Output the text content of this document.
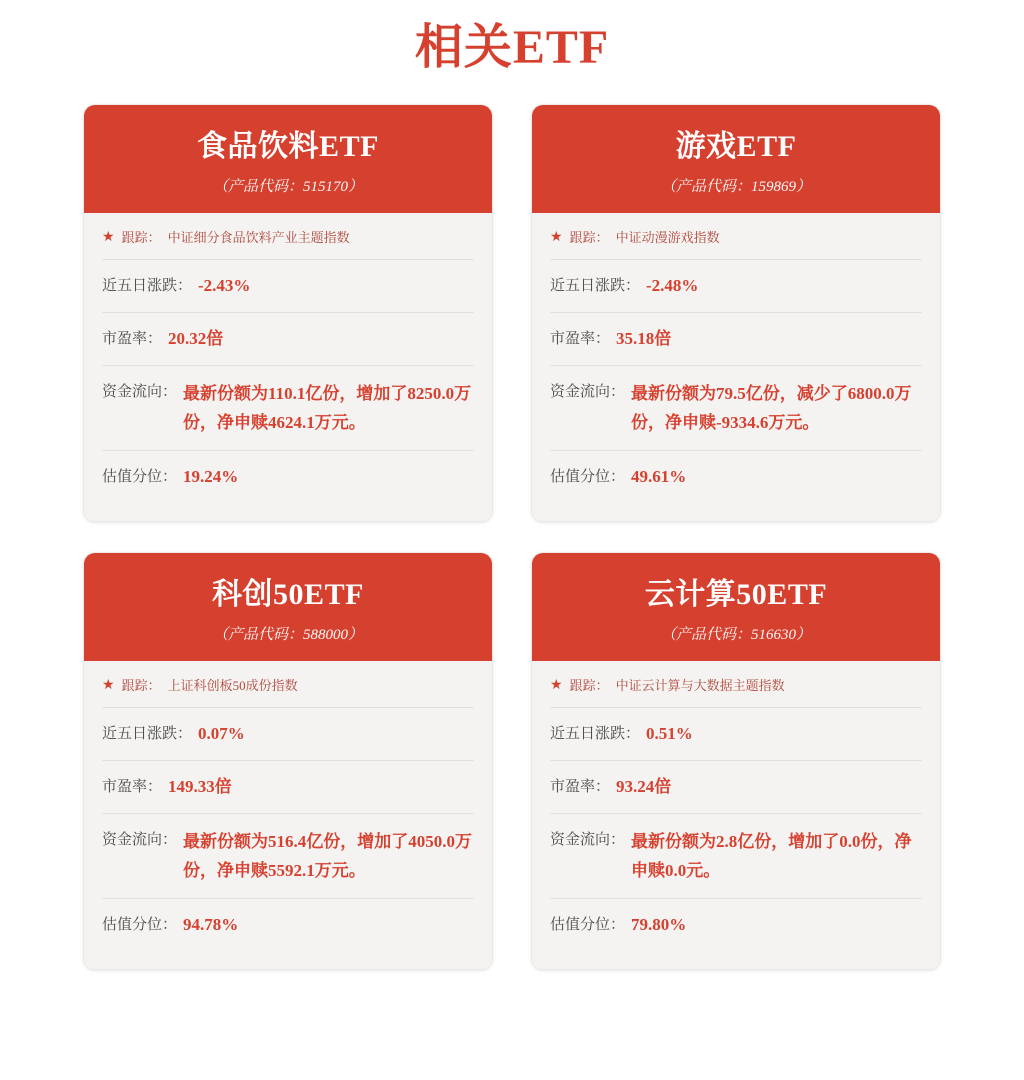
相关ETF
食品饮料ETF
（产品代码：515170）
★ 跟踪： 中证细分食品饮料产业主题指数
近五日涨跌： -2.43%
市盈率： 20.32倍
资金流向： 最新份额为110.1亿份，增加了8250.0万份，净申赎4624.1万元。
估值分位： 19.24%
游戏ETF
（产品代码：159869）
★ 跟踪： 中证动漫游戏指数
近五日涨跌： -2.48%
市盈率： 35.18倍
资金流向： 最新份额为79.5亿份，减少了6800.0万份，净申赎-9334.6万元。
估值分位： 49.61%
科创50ETF
（产品代码：588000）
★ 跟踪： 上证科创板50成份指数
近五日涨跌： 0.07%
市盈率： 149.33倍
资金流向： 最新份额为516.4亿份，增加了4050.0万份，净申赎5592.1万元。
估值分位： 94.78%
云计算50ETF
（产品代码：516630）
★ 跟踪： 中证云计算与大数据主题指数
近五日涨跌： 0.51%
市盈率： 93.24倍
资金流向： 最新份额为2.8亿份，增加了0.0份，净申赎0.0元。
估值分位： 79.80%
